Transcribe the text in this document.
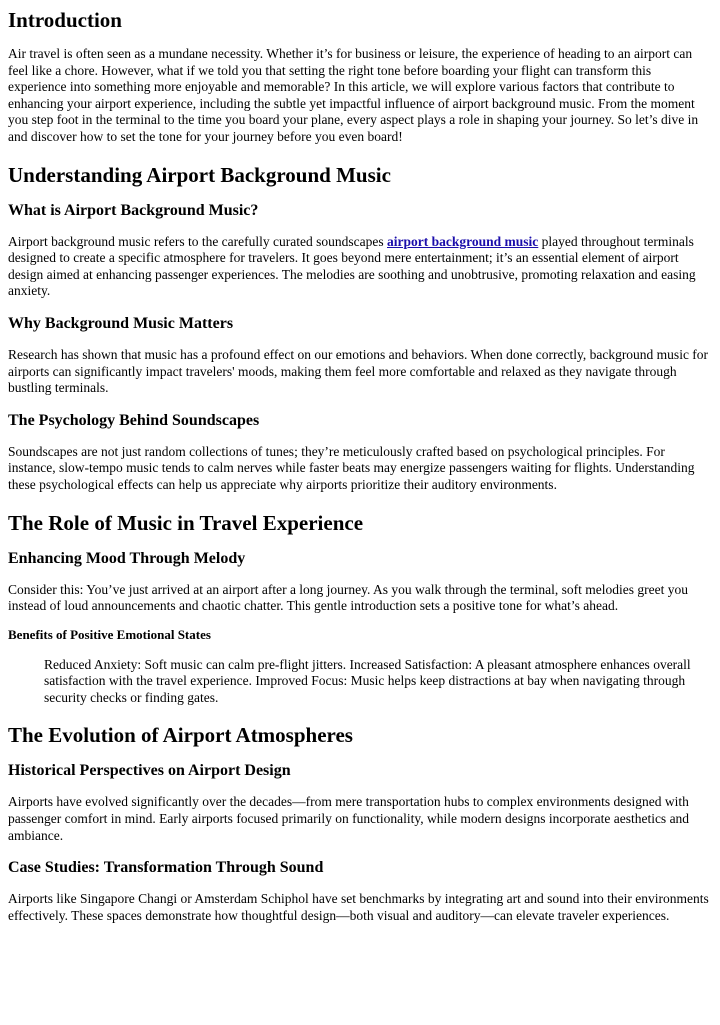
Introduction

Air travel is often seen as a mundane necessity. Whether it’s for business or leisure, the experience of heading to an airport can feel like a chore. However, what if we told you that setting the right tone before boarding your flight can transform this experience into something more enjoyable and memorable? In this article, we will explore various factors that contribute to enhancing your airport experience, including the subtle yet impactful influence of airport background music. From the moment you step foot in the terminal to the time you board your plane, every aspect plays a role in shaping your journey. So let’s dive in and discover how to set the tone for your journey before you even board!

Understanding Airport Background Music
What is Airport Background Music?

Airport background music refers to the carefully curated soundscapes airport background music played throughout terminals designed to create a specific atmosphere for travelers. It goes beyond mere entertainment; it’s an essential element of airport design aimed at enhancing passenger experiences. The melodies are soothing and unobtrusive, promoting relaxation and easing anxiety.

Why Background Music Matters

Research has shown that music has a profound effect on our emotions and behaviors. When done correctly, background music for airports can significantly impact travelers' moods, making them feel more comfortable and relaxed as they navigate through bustling terminals.

The Psychology Behind Soundscapes

Soundscapes are not just random collections of tunes; they’re meticulously crafted based on psychological principles. For instance, slow-tempo music tends to calm nerves while faster beats may energize passengers waiting for flights. Understanding these psychological effects can help us appreciate why airports prioritize their auditory environments.

The Role of Music in Travel Experience
Enhancing Mood Through Melody

Consider this: You’ve just arrived at an airport after a long journey. As you walk through the terminal, soft melodies greet you instead of loud announcements and chaotic chatter. This gentle introduction sets a positive tone for what’s ahead.

Benefits of Positive Emotional States
Reduced Anxiety: Soft music can calm pre-flight jitters. Increased Satisfaction: A pleasant atmosphere enhances overall satisfaction with the travel experience. Improved Focus: Music helps keep distractions at bay when navigating through security checks or finding gates.
The Evolution of Airport Atmospheres
Historical Perspectives on Airport Design

Airports have evolved significantly over the decades—from mere transportation hubs to complex environments designed with passenger comfort in mind. Early airports focused primarily on functionality, while modern designs incorporate aesthetics and ambiance.

Case Studies: Transformation Through Sound

Airports like Singapore Changi or Amsterdam Schiphol have set benchmarks by integrating art and sound into their environments effectively. These spaces demonstrate how thoughtful design—both visual and auditory—can elevate traveler experiences.
